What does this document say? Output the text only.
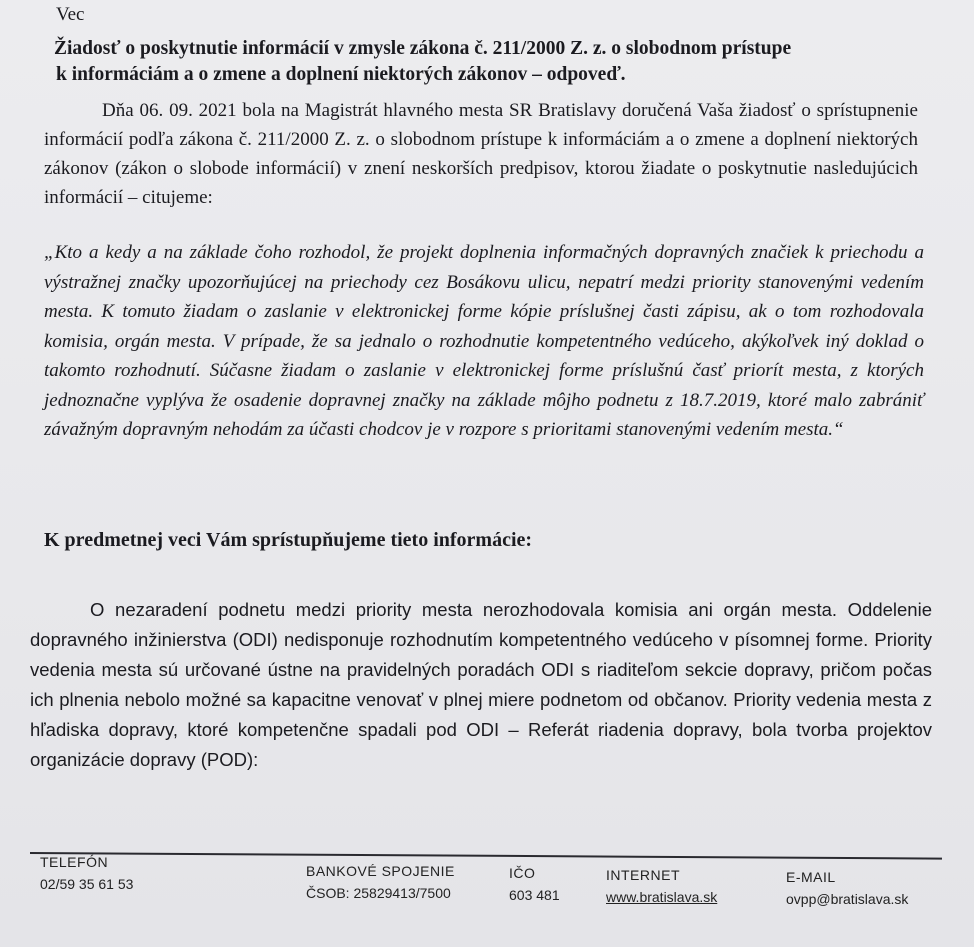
Vec
Žiadosť o poskytnutie informácií v zmysle zákona č. 211/2000 Z. z. o slobodnom prístupe
k informáciám a o zmene a doplnení niektorých zákonov – odpoveď.
Dňa 06. 09. 2021 bola na Magistrát hlavného mesta SR Bratislavy doručená Vaša žiadosť o sprístupnenie informácií podľa zákona č. 211/2000 Z. z. o slobodnom prístupe k informáciám a o zmene a doplnení niektorých zákonov (zákon o slobode informácií) v znení neskorších predpisov, ktorou žiadate o poskytnutie nasledujúcich informácií – citujeme:
„Kto a kedy a na základe čoho rozhodol, že projekt doplnenia informačných dopravných značiek k priechodu a výstražnej značky upozorňujúcej na priechody cez Bosákovu ulicu, nepatrí medzi priority stanovenými vedením mesta. K tomuto žiadam o zaslanie v elektronickej forme kópie príslušnej časti zápisu, ak o tom rozhodovala komisia, orgán mesta. V prípade, že sa jednalo o rozhodnutie kompetentného vedúceho, akýkoľvek iný doklad o takomto rozhodnutí. Súčasne žiadam o zaslanie v elektronickej forme príslušnú časť priorít mesta, z ktorých jednoznačne vyplýva že osadenie dopravnej značky na základe môjho podnetu z 18.7.2019, ktoré malo zabrániť závažným dopravným nehodám za účasti chodcov je v rozpore s prioritami stanovenými vedením mesta.“
K predmetnej veci Vám sprístupňujeme tieto informácie:
O nezaradení podnetu medzi priority mesta nerozhodovala komisia ani orgán mesta. Oddelenie dopravného inžinierstva (ODI) nedisponuje rozhodnutím kompetentného vedúceho v písomnej forme. Priority vedenia mesta sú určované ústne na pravidelných poradách ODI s riaditeľom sekcie dopravy, pričom počas ich plnenia nebolo možné sa kapacitne venovať v plnej miere podnetom od občanov. Priority vedenia mesta z hľadiska dopravy, ktoré kompetenčne spadali pod ODI – Referát riadenia dopravy, bola tvorba projektov organizácie dopravy (POD):
TELEFÓN
02/59 35 61 53
BANKOVÉ SPOJENIE
ČSOB: 25829413/7500
IČO
603 481
INTERNET
www.bratislava.sk
E-MAIL
ovpp@bratislava.sk
